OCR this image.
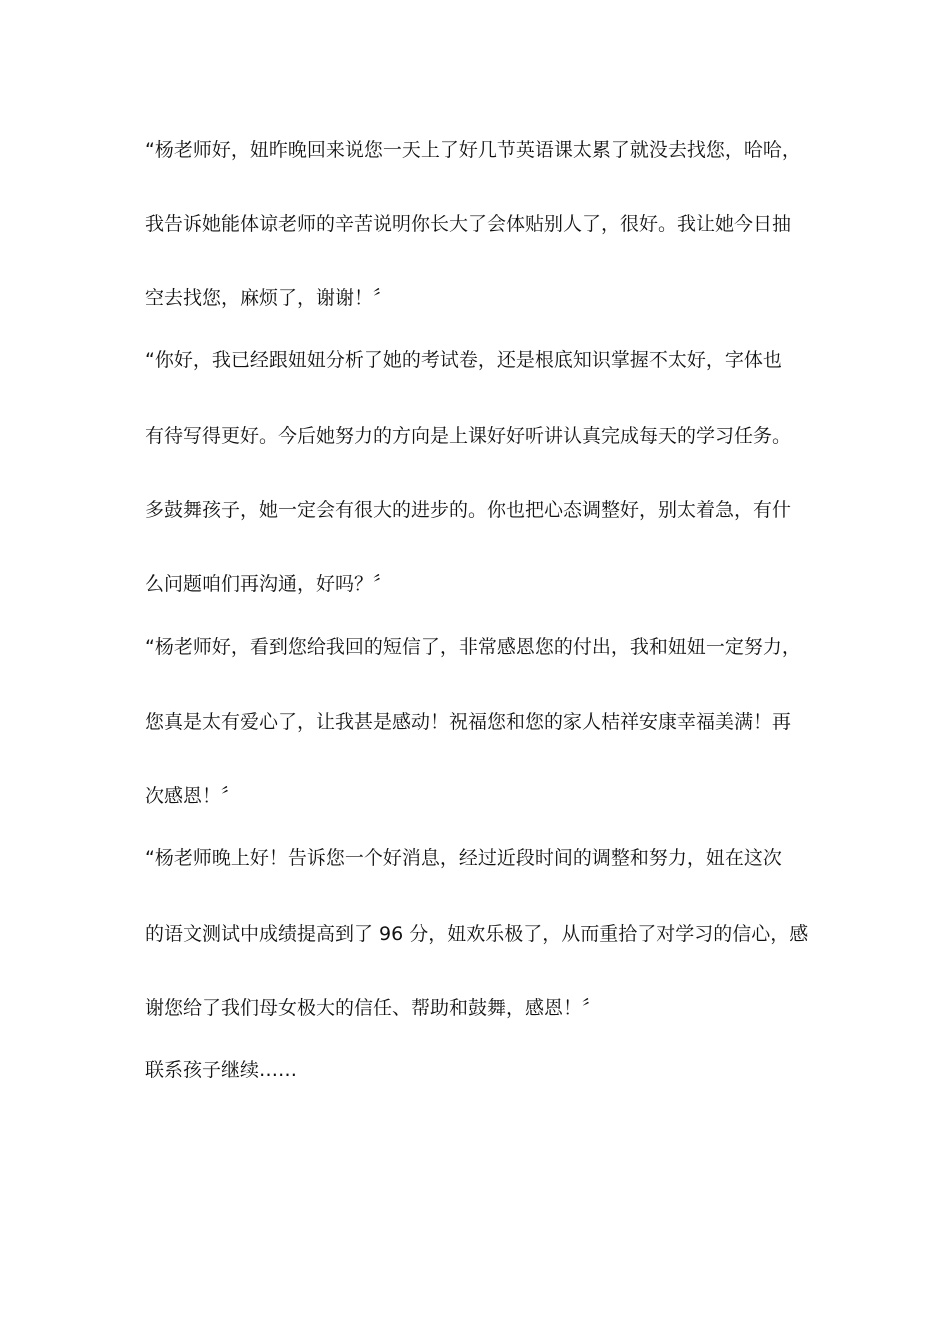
“杨老师好，妞昨晚回来说您一天上了好几节英语课太累了就没去找您，哈哈，
我告诉她能体谅老师的辛苦说明你长大了会体贴别人了，很好。我让她今日抽
空去找您，麻烦了，谢谢！〞
“你好，我已经跟妞妞分析了她的考试卷，还是根底知识掌握不太好，字体也
有待写得更好。今后她努力的方向是上课好好听讲认真完成每天的学习任务。
多鼓舞孩子，她一定会有很大的进步的。你也把心态调整好，别太着急，有什
么问题咱们再沟通，好吗？〞
“杨老师好，看到您给我回的短信了，非常感恩您的付出，我和妞妞一定努力，
您真是太有爱心了，让我甚是感动！祝福您和您的家人桔祥安康幸福美满！再
次感恩！〞
“杨老师晚上好！告诉您一个好消息，经过近段时间的调整和努力，妞在这次
的语文测试中成绩提高到了 96 分，妞欢乐极了，从而重拾了对学习的信心，感
谢您给了我们母女极大的信任、帮助和鼓舞，感恩！〞
联系孩子继续……
